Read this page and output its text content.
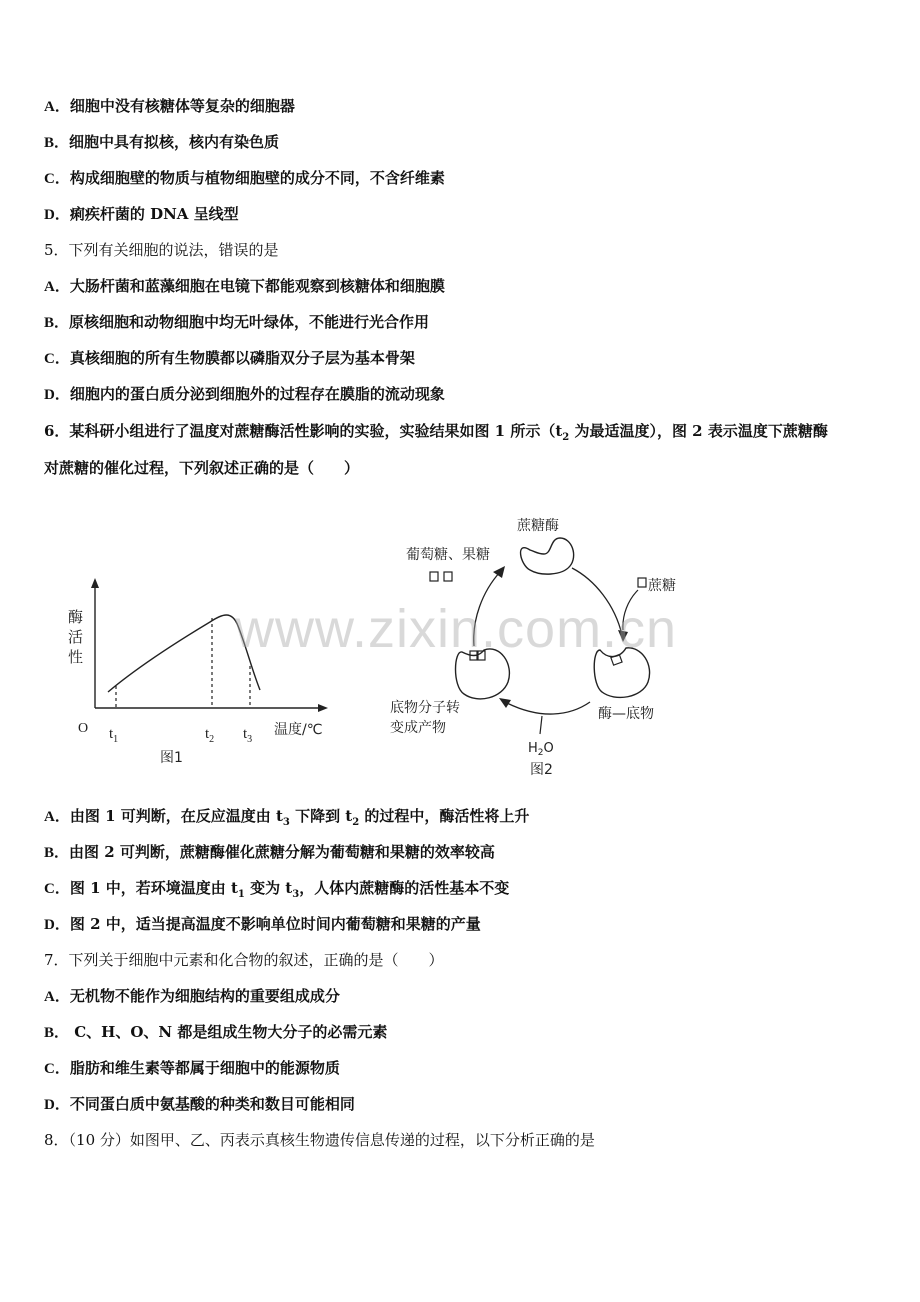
A．细胞中没有核糖体等复杂的细胞器
B．细胞中具有拟核，核内有染色质
C．构成细胞壁的物质与植物细胞壁的成分不同，不含纤维素
D．痢疾杆菌的 DNA 呈线型
5．下列有关细胞的说法，错误的是
A．大肠杆菌和蓝藻细胞在电镜下都能观察到核糖体和细胞膜
B．原核细胞和动物细胞中均无叶绿体，不能进行光合作用
C．真核细胞的所有生物膜都以磷脂双分子层为基本骨架
D．细胞内的蛋白质分泌到细胞外的过程存在膜脂的流动现象
6．某科研小组进行了温度对蔗糖酶活性影响的实验，实验结果如图 1 所示（$t_2$ 为最适温度），图 2 表示温度下蔗糖酶
对蔗糖的催化过程，下列叙述正确的是（　　）
酶
活
性
O $t_1$	$t_2$ $t_3$
温度/℃
图1
蔗糖酶
葡萄糖、果糖
蔗糖
酶—底物
$H_2O$
底物分子转
变成产物
图2
www.zixin.com.cn
A．由图 1 可判断，在反应温度由 $t_3$ 下降到 $t_2$ 的过程中，酶活性将上升
B．由图 2 可判断，蔗糖酶催化蔗糖分解为葡萄糖和果糖的效率较高
C．图 1 中，若环境温度由 $t_1$ 变为 $t_3$，人体内蔗糖酶的活性基本不变
D．图 2 中，适当提高温度不影响单位时间内葡萄糖和果糖的产量
7．下列关于细胞中元素和化合物的叙述，正确的是（　　）
A．无机物不能作为细胞结构的重要组成成分
B． C、H、O、N 都是组成生物大分子的必需元素
C．脂肪和维生素等都属于细胞中的能源物质
D．不同蛋白质中氨基酸的种类和数目可能相同
8．（10 分）如图甲、乙、丙表示真核生物遗传信息传递的过程，以下分析正确的是
